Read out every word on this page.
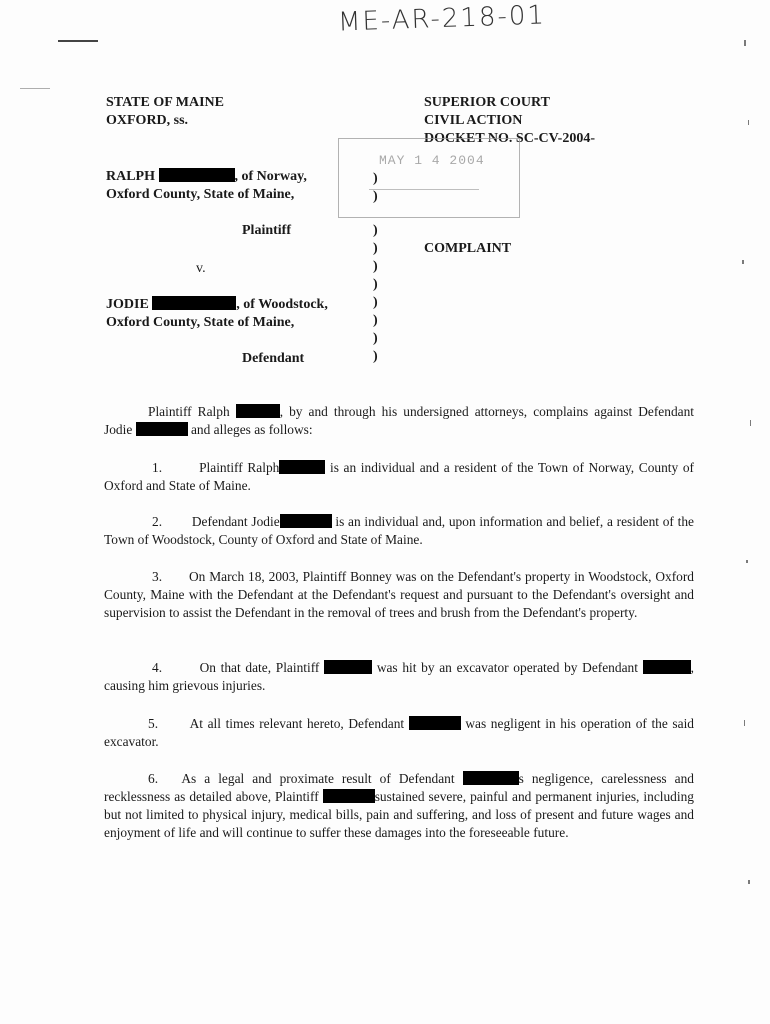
ME-AR-218-01
STATE OF MAINE
OXFORD, ss.
SUPERIOR COURT
CIVIL ACTION
DOCKET NO. SC-CV-2004-
MAY 1 4 2004
RALPH	, of Norway,
Oxford County, State of Maine,
Plaintiff
v.
JODIE	, of Woodstock,
Oxford County, State of Maine,
Defendant
)
)
)
)
)
)
)
)
)
)
COMPLAINT
Plaintiff Ralph	, by and through his undersigned attorneys, complains against Defendant Jodie	and alleges as follows:
1.	Plaintiff Ralph	is an individual and a resident of the Town of Norway, County of Oxford and State of Maine.
2. Defendant Jodie	is an individual and, upon information and belief, a resident of the Town of Woodstock, County of Oxford and State of Maine.
3. On March 18, 2003, Plaintiff Bonney was on the Defendant's property in Woodstock, Oxford County, Maine with the Defendant at the Defendant's request and pursuant to the Defendant's oversight and supervision to assist the Defendant in the removal of trees and brush from the Defendant's property.
4.	On that date, Plaintiff	was hit by an excavator operated by Defendant	, causing him grievous injuries.
5. At all times relevant hereto, Defendant	was negligent in his operation of the said excavator.
6. As a legal and proximate result of Defendant	s negligence, carelessness and recklessness as detailed above, Plaintiff	sustained severe, painful and permanent injuries, including but not limited to physical injury, medical bills, pain and suffering, and loss of present and future wages and enjoyment of life and will continue to suffer these damages into the foreseeable future.
